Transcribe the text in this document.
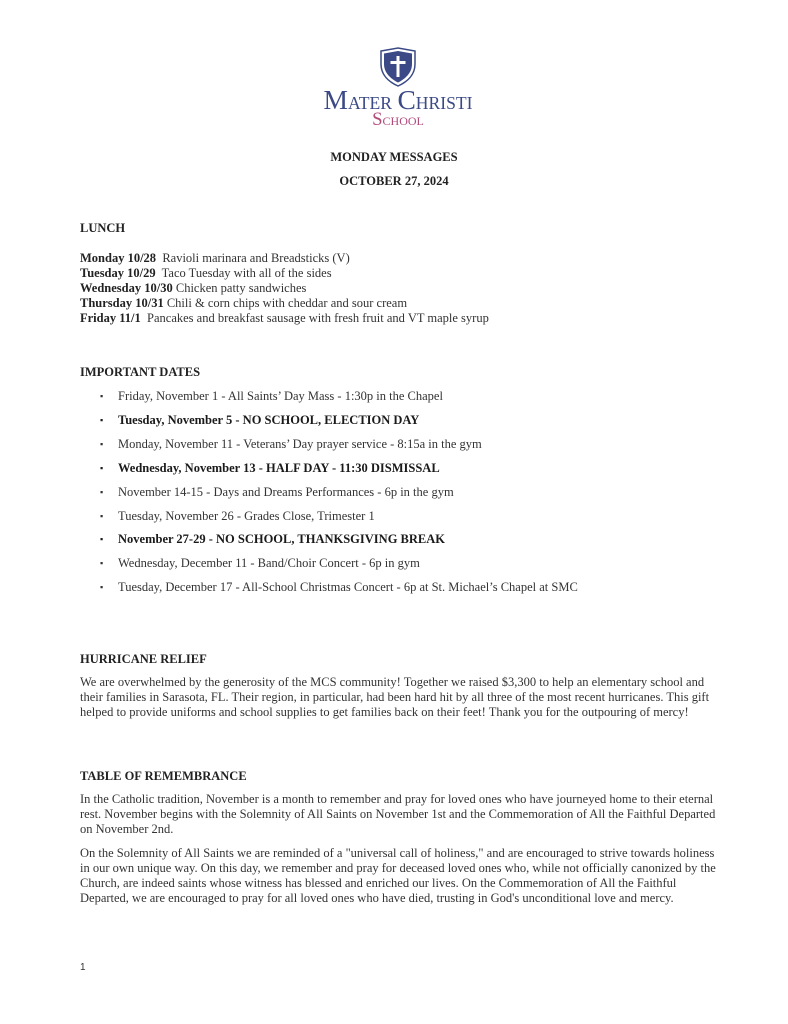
MATER CHRISTI
SCHOOL
MONDAY MESSAGES
OCTOBER 27, 2024
LUNCH
Monday 10/28 Ravioli marinara and Breadsticks (V)
Tuesday 10/29 Taco Tuesday with all of the sides
Wednesday 10/30 Chicken patty sandwiches
Thursday 10/31 Chili & corn chips with cheddar and sour cream
Friday 11/1 Pancakes and breakfast sausage with fresh fruit and VT maple syrup
IMPORTANT DATES
▪ Friday, November 1 - All Saints’ Day Mass - 1:30p in the Chapel
▪ Tuesday, November 5 - NO SCHOOL, ELECTION DAY
▪ Monday, November 11 - Veterans’ Day prayer service - 8:15a in the gym
▪ Wednesday, November 13 - HALF DAY - 11:30 DISMISSAL
▪ November 14-15 - Days and Dreams Performances - 6p in the gym
▪ Tuesday, November 26 - Grades Close, Trimester 1
▪ November 27-29 - NO SCHOOL, THANKSGIVING BREAK
▪ Wednesday, December 11 - Band/Choir Concert - 6p in gym
▪ Tuesday, December 17 - All-School Christmas Concert - 6p at St. Michael’s Chapel at SMC
HURRICANE RELIEF
We are overwhelmed by the generosity of the MCS community! Together we raised $3,300 to help an elementary school and their families in Sarasota, FL. Their region, in particular, had been hard hit by all three of the most recent hurricanes. This gift helped to provide uniforms and school supplies to get families back on their feet! Thank you for the outpouring of mercy!
TABLE OF REMEMBRANCE
In the Catholic tradition, November is a month to remember and pray for loved ones who have journeyed home to their eternal rest. November begins with the Solemnity of All Saints on November 1st and the Commemoration of All the Faithful Departed on November 2nd.
On the Solemnity of All Saints we are reminded of a "universal call of holiness," and are encouraged to strive towards holiness in our own unique way. On this day, we remember and pray for deceased loved ones who, while not officially canonized by the Church, are indeed saints whose witness has blessed and enriched our lives. On the Commemoration of All the Faithful Departed, we are encouraged to pray for all loved ones who have died, trusting in God's unconditional love and mercy.
1
